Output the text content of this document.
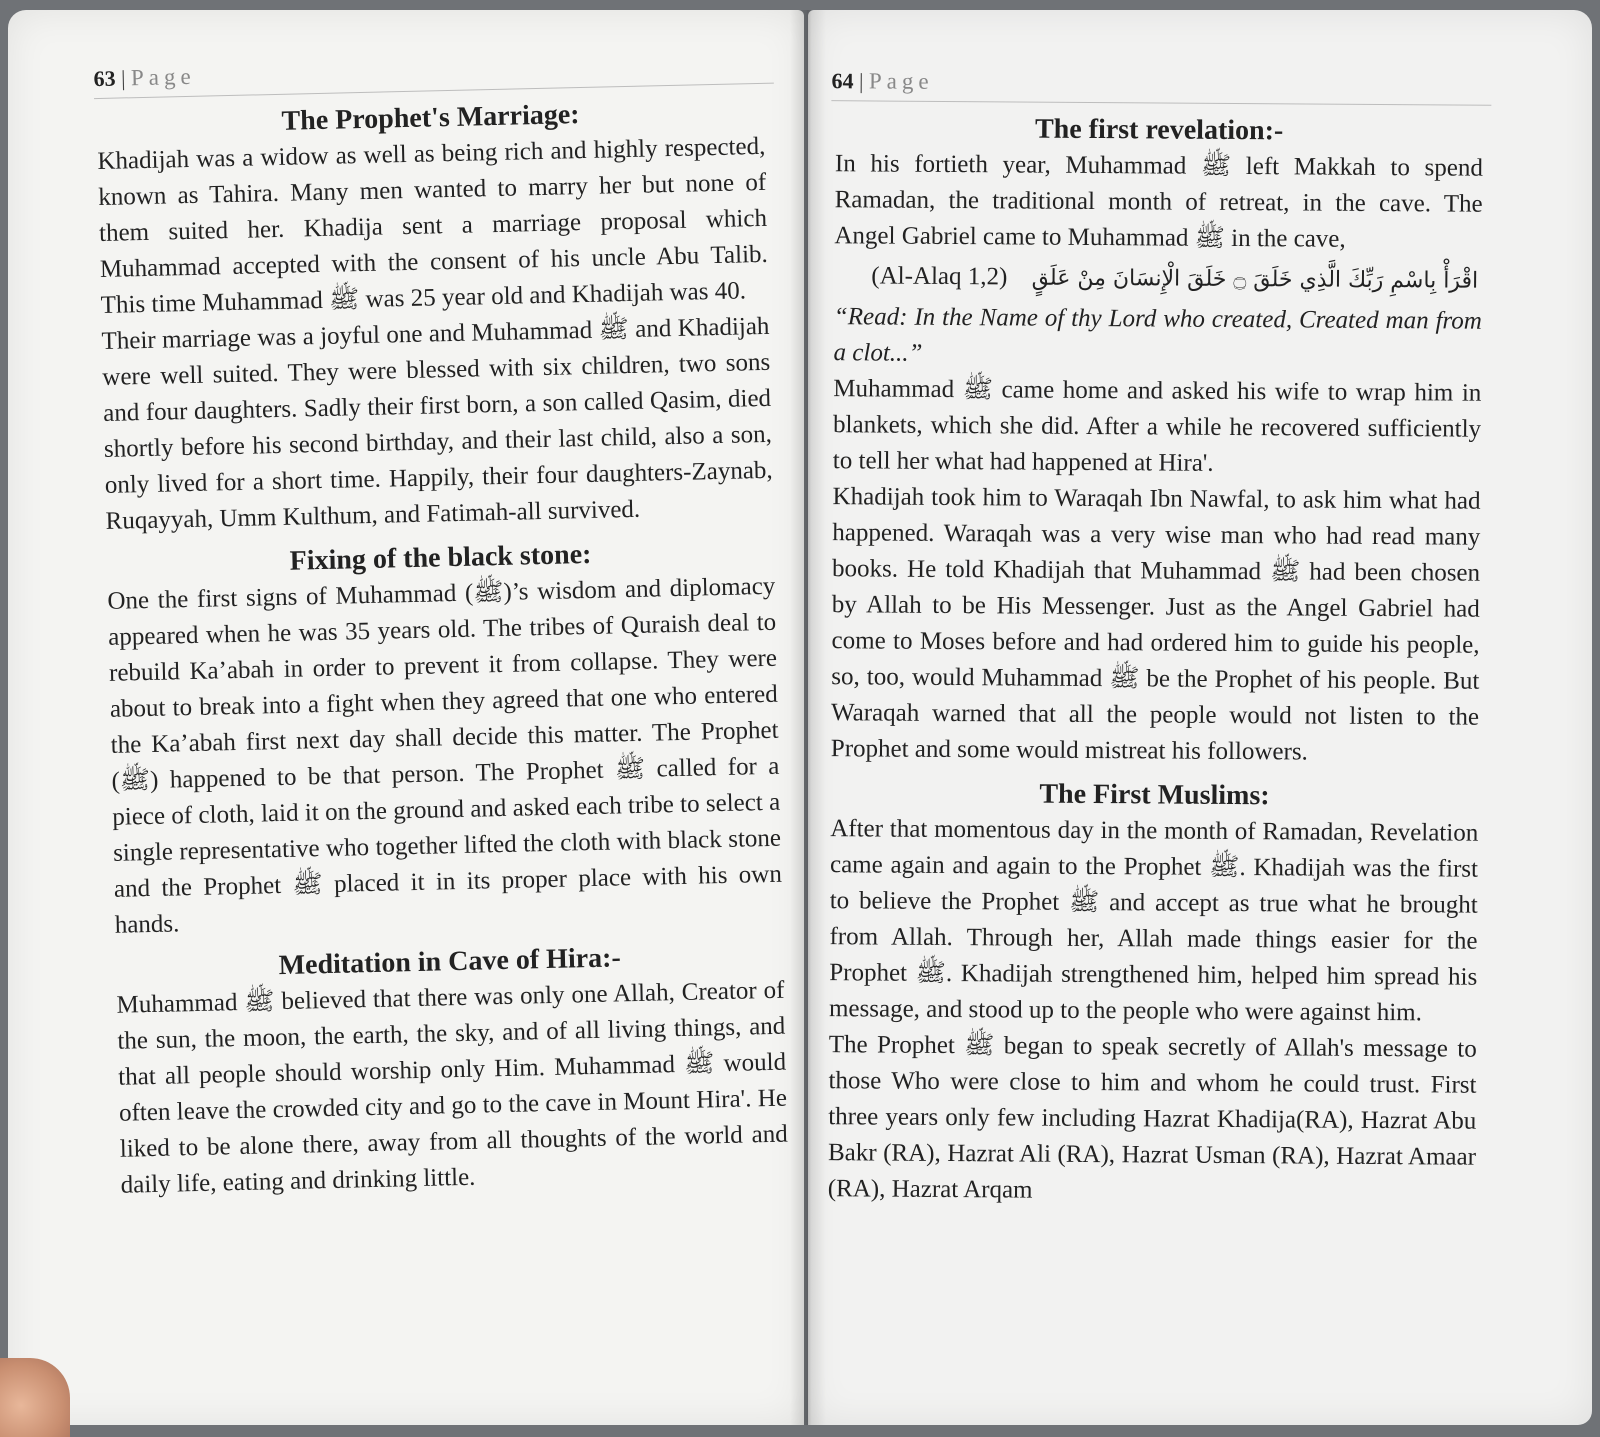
63 | Page
The Prophet's Marriage:

Khadijah was a widow as well as being rich and highly respected, known as Tahira. Many men wanted to marry her but none of them suited her. Khadija sent a marriage proposal which Muhammad accepted with the consent of his uncle Abu Talib. This time Muhammad ﷺ was 25 year old and Khadijah was 40.

Their marriage was a joyful one and Muhammad ﷺ and Khadijah were well suited. They were blessed with six children, two sons and four daughters. Sadly their first born, a son called Qasim, died shortly before his second birthday, and their last child, also a son, only lived for a short time. Happily, their four daughters-Zaynab, Ruqayyah, Umm Kulthum, and Fatimah-all survived.

Fixing of the black stone:

One the first signs of Muhammad (ﷺ)’s wisdom and diplomacy appeared when he was 35 years old. The tribes of Quraish deal to rebuild Ka’abah in order to prevent it from collapse. They were about to break into a fight when they agreed that one who entered the Ka’abah first next day shall decide this matter. The Prophet (ﷺ) happened to be that person. The Prophet ﷺ called for a piece of cloth, laid it on the ground and asked each tribe to select a single representative who together lifted the cloth with black stone and the Prophet ﷺ placed it in its proper place with his own hands.

Meditation in Cave of Hira:-

Muhammad ﷺ believed that there was only one Allah, Creator of the sun, the moon, the earth, the sky, and of all living things, and that all people should worship only Him. Muhammad ﷺ would often leave the crowded city and go to the cave in Mount Hira'. He liked to be alone there, away from all thoughts of the world and daily life, eating and drinking little.

64 | Page
The first revelation:-

In his fortieth year, Muhammad ﷺ left Makkah to spend Ramadan, the traditional month of retreat, in the cave. The Angel Gabriel came to Muhammad ﷺ in the cave,

(Al-Alaq 1,2) اقْرَأْ بِاسْمِ رَبِّكَ الَّذِي خَلَقَ ۝ خَلَقَ الْإِنسَانَ مِنْ عَلَقٍ

“Read: In the Name of thy Lord who created, Created man from a clot...”

Muhammad ﷺ came home and asked his wife to wrap him in blankets, which she did. After a while he recovered sufficiently to tell her what had happened at Hira'.

Khadijah took him to Waraqah Ibn Nawfal, to ask him what had happened. Waraqah was a very wise man who had read many books. He told Khadijah that Muhammad ﷺ had been chosen by Allah to be His Messenger. Just as the Angel Gabriel had come to Moses before and had ordered him to guide his people, so, too, would Muhammad ﷺ be the Prophet of his people. But Waraqah warned that all the people would not listen to the Prophet and some would mistreat his followers.

The First Muslims:

After that momentous day in the month of Ramadan, Revelation came again and again to the Prophet ﷺ. Khadijah was the first to believe the Prophet ﷺ and accept as true what he brought from Allah. Through her, Allah made things easier for the Prophet ﷺ. Khadijah strengthened him, helped him spread his message, and stood up to the people who were against him.

The Prophet ﷺ began to speak secretly of Allah's message to those Who were close to him and whom he could trust. First three years only few including Hazrat Khadija(RA), Hazrat Abu Bakr (RA), Hazrat Ali (RA), Hazrat Usman (RA), Hazrat Amaar (RA), Hazrat Arqam
